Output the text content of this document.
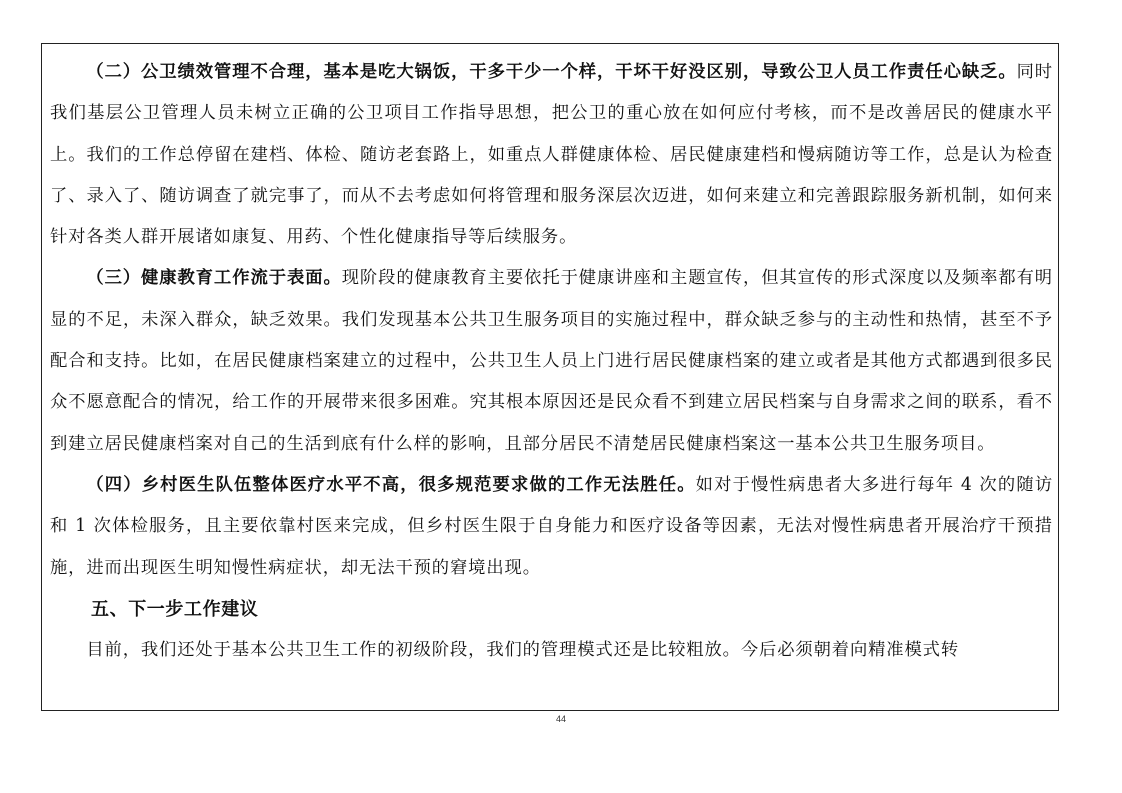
（二）公卫绩效管理不合理，基本是吃大锅饭，干多干少一个样，干坏干好没区别，导致公卫人员工作责任心缺乏。同时我们基层公卫管理人员未树立正确的公卫项目工作指导思想，把公卫的重心放在如何应付考核，而不是改善居民的健康水平上。我们的工作总停留在建档、体检、随访老套路上，如重点人群健康体检、居民健康建档和慢病随访等工作，总是认为检查了、录入了、随访调查了就完事了，而从不去考虑如何将管理和服务深层次迈进，如何来建立和完善跟踪服务新机制，如何来针对各类人群开展诸如康复、用药、个性化健康指导等后续服务。

（三）健康教育工作流于表面。现阶段的健康教育主要依托于健康讲座和主题宣传，但其宣传的形式深度以及频率都有明显的不足，未深入群众，缺乏效果。我们发现基本公共卫生服务项目的实施过程中，群众缺乏参与的主动性和热情，甚至不予配合和支持。比如，在居民健康档案建立的过程中，公共卫生人员上门进行居民健康档案的建立或者是其他方式都遇到很多民众不愿意配合的情况，给工作的开展带来很多困难。究其根本原因还是民众看不到建立居民档案与自身需求之间的联系，看不到建立居民健康档案对自己的生活到底有什么样的影响，且部分居民不清楚居民健康档案这一基本公共卫生服务项目。

（四）乡村医生队伍整体医疗水平不高，很多规范要求做的工作无法胜任。如对于慢性病患者大多进行每年 4 次的随访和 1 次体检服务，且主要依靠村医来完成，但乡村医生限于自身能力和医疗设备等因素，无法对慢性病患者开展治疗干预措施，进而出现医生明知慢性病症状，却无法干预的窘境出现。

五、下一步工作建议

目前，我们还处于基本公共卫生工作的初级阶段，我们的管理模式还是比较粗放。今后必须朝着向精准模式转

44
